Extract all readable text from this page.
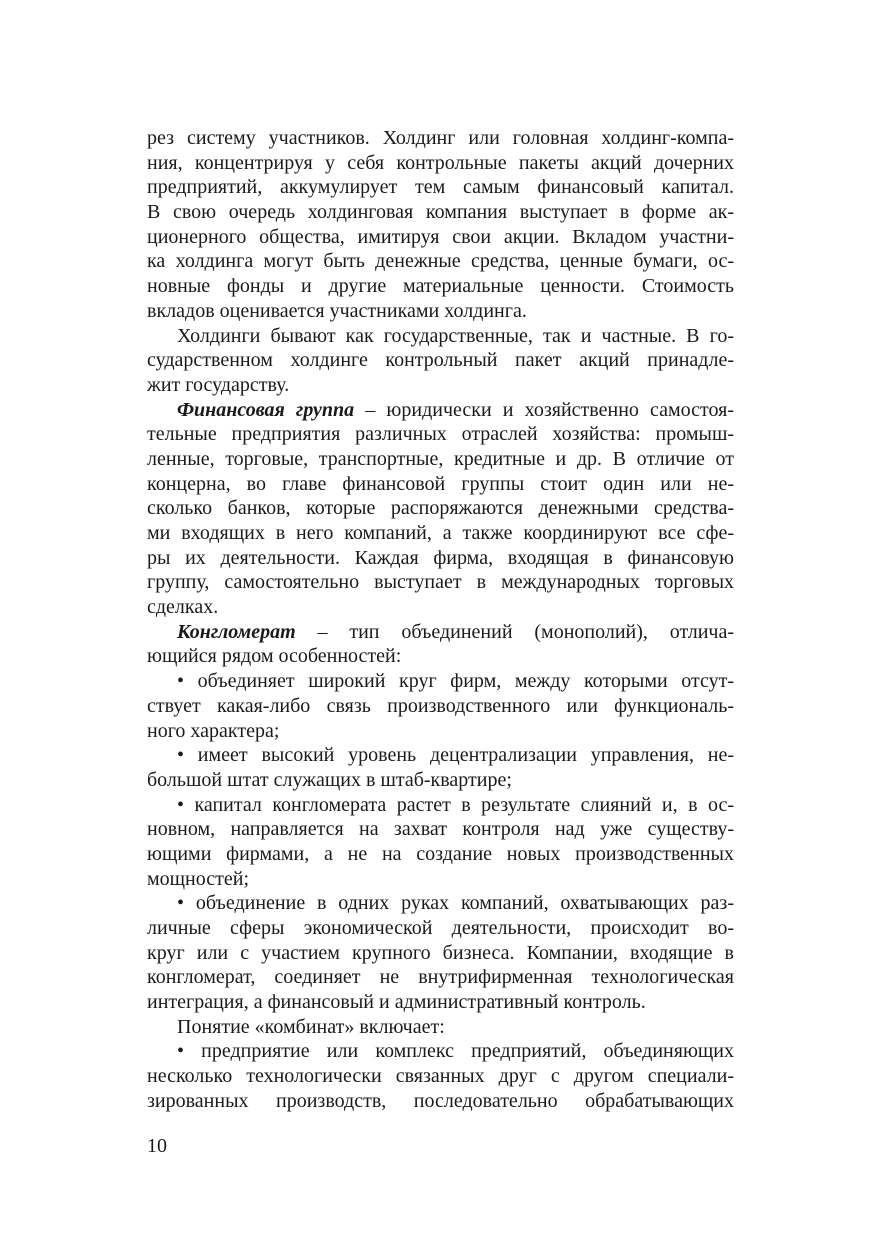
рез систему участников. Холдинг или головная холдинг-компа-
ния, концентрируя у себя контрольные пакеты акций дочерних
предприятий, аккумулирует тем самым финансовый капитал.
В свою очередь холдинговая компания выступает в форме ак-
ционерного общества, имитируя свои акции. Вкладом участни-
ка холдинга могут быть денежные средства, ценные бумаги, ос-
новные фонды и другие материальные ценности. Стоимость
вкладов оценивается участниками холдинга.
Холдинги бывают как государственные, так и частные. В го-
сударственном холдинге контрольный пакет акций принадле-
жит государству.
Финансовая группа – юридически и хозяйственно самостоя-
тельные предприятия различных отраслей хозяйства: промыш-
ленные, торговые, транспортные, кредитные и др. В отличие от
концерна, во главе финансовой группы стоит один или не-
сколько банков, которые распоряжаются денежными средства-
ми входящих в него компаний, а также координируют все сфе-
ры их деятельности. Каждая фирма, входящая в финансовую
группу, самостоятельно выступает в международных торговых
сделках.
Конгломерат – тип объединений (монополий), отлича-
ющийся рядом особенностей:
• объединяет широкий круг фирм, между которыми отсут-
ствует какая-либо связь производственного или функциональ-
ного характера;
• имеет высокий уровень децентрализации управления, не-
большой штат служащих в штаб-квартире;
• капитал конгломерата растет в результате слияний и, в ос-
новном, направляется на захват контроля над уже существу-
ющими фирмами, а не на создание новых производственных
мощностей;
• объединение в одних руках компаний, охватывающих раз-
личные сферы экономической деятельности, происходит во-
круг или с участием крупного бизнеса. Компании, входящие в
конгломерат, соединяет не внутрифирменная технологическая
интеграция, а финансовый и административный контроль.
Понятие «комбинат» включает:
• предприятие или комплекс предприятий, объединяющих
несколько технологически связанных друг с другом специали-
зированных производств, последовательно обрабатывающих
10
